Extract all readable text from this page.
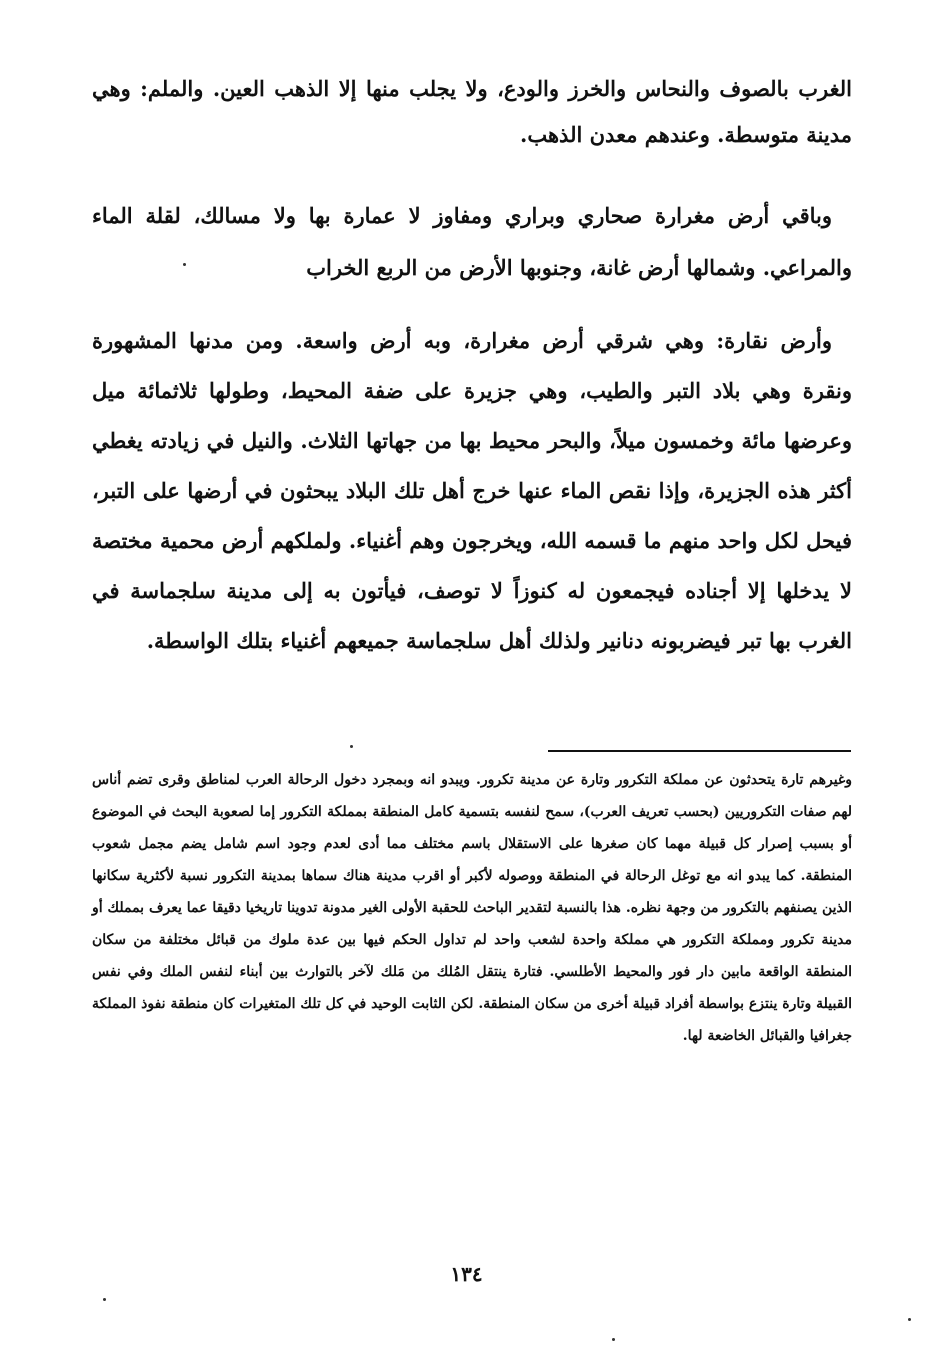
الغرب بالصوف والنحاس والخرز والودع، ولا يجلب منها إلا الذهب العين. والملم: وهي مدينة متوسطة. وعندهم معدن الذهب.

وباقي أرض مغرارة صحاري وبراري ومفاوز لا عمارة بها ولا مسالك، لقلة الماء والمراعي. وشمالها أرض غانة، وجنوبها الأرض من الربع الخراب

وأرض نقارة: وهي شرقي أرض مغرارة، وبه أرض واسعة. ومن مدنها المشهورة ونقرة وهي بلاد التبر والطيب، وهي جزيرة على ضفة المحيط، وطولها ثلاثمائة ميل وعرضها مائة وخمسون ميلاً، والبحر محيط بها من جهاتها الثلاث. والنيل في زيادته يغطي أكثر هذه الجزيرة، وإذا نقص الماء عنها خرج أهل تلك البلاد يبحثون في أرضها على التبر، فيحل لكل واحد منهم ما قسمه الله، ويخرجون وهم أغنياء. ولملكهم أرض محمية مختصة لا يدخلها إلا أجناده فيجمعون له كنوزاً لا توصف، فيأتون به إلى مدينة سلجماسة في الغرب بها تبر فيضربونه دنانير ولذلك أهل سلجماسة جميعهم أغنياء بتلك الواسطة.

وغيرهم تارة يتحدثون عن مملكة التكرور وتارة عن مدينة تكرور. ويبدو انه وبمجرد دخول الرحالة العرب لمناطق وقرى تضم أناس لهم صفات التكروريين (بحسب تعريف العرب)، سمح لنفسه بتسمية كامل المنطقة بمملكة التكرور إما لصعوبة البحث في الموضوع أو بسبب إصرار كل قبيلة مهما كان صغرها على الاستقلال باسم مختلف مما أدى لعدم وجود اسم شامل يضم مجمل شعوب المنطقة. كما يبدو انه مع توغل الرحالة في المنطقة ووصوله لأكبر أو اقرب مدينة هناك سماها بمدينة التكرور نسبة لأكثرية سكانها الذين يصنفهم بالتكرور من وجهة نظره. هذا بالنسبة لتقدير الباحث للحقبة الأولى الغير مدونة تدوينا تاريخيا دقيقا عما يعرف بمملك أو مدينة تكرور ومملكة التكرور هي مملكة واحدة لشعب واحد لم تداول الحكم فيها بين عدة ملوك من قبائل مختلفة من سكان المنطقة الواقعة مابين دار فور والمحيط الأطلسي. فتارة ينتقل المُلك من مَلك لآخر بالتوارث بين أبناء لنفس الملك وفي نفس القبيلة وتارة ينتزع بواسطة أفراد قبيلة أخرى من سكان المنطقة. لكن الثابت الوحيد في كل تلك المتغيرات كان منطقة نفوذ المملكة جغرافيا والقبائل الخاضعة لها.

١٣٤
